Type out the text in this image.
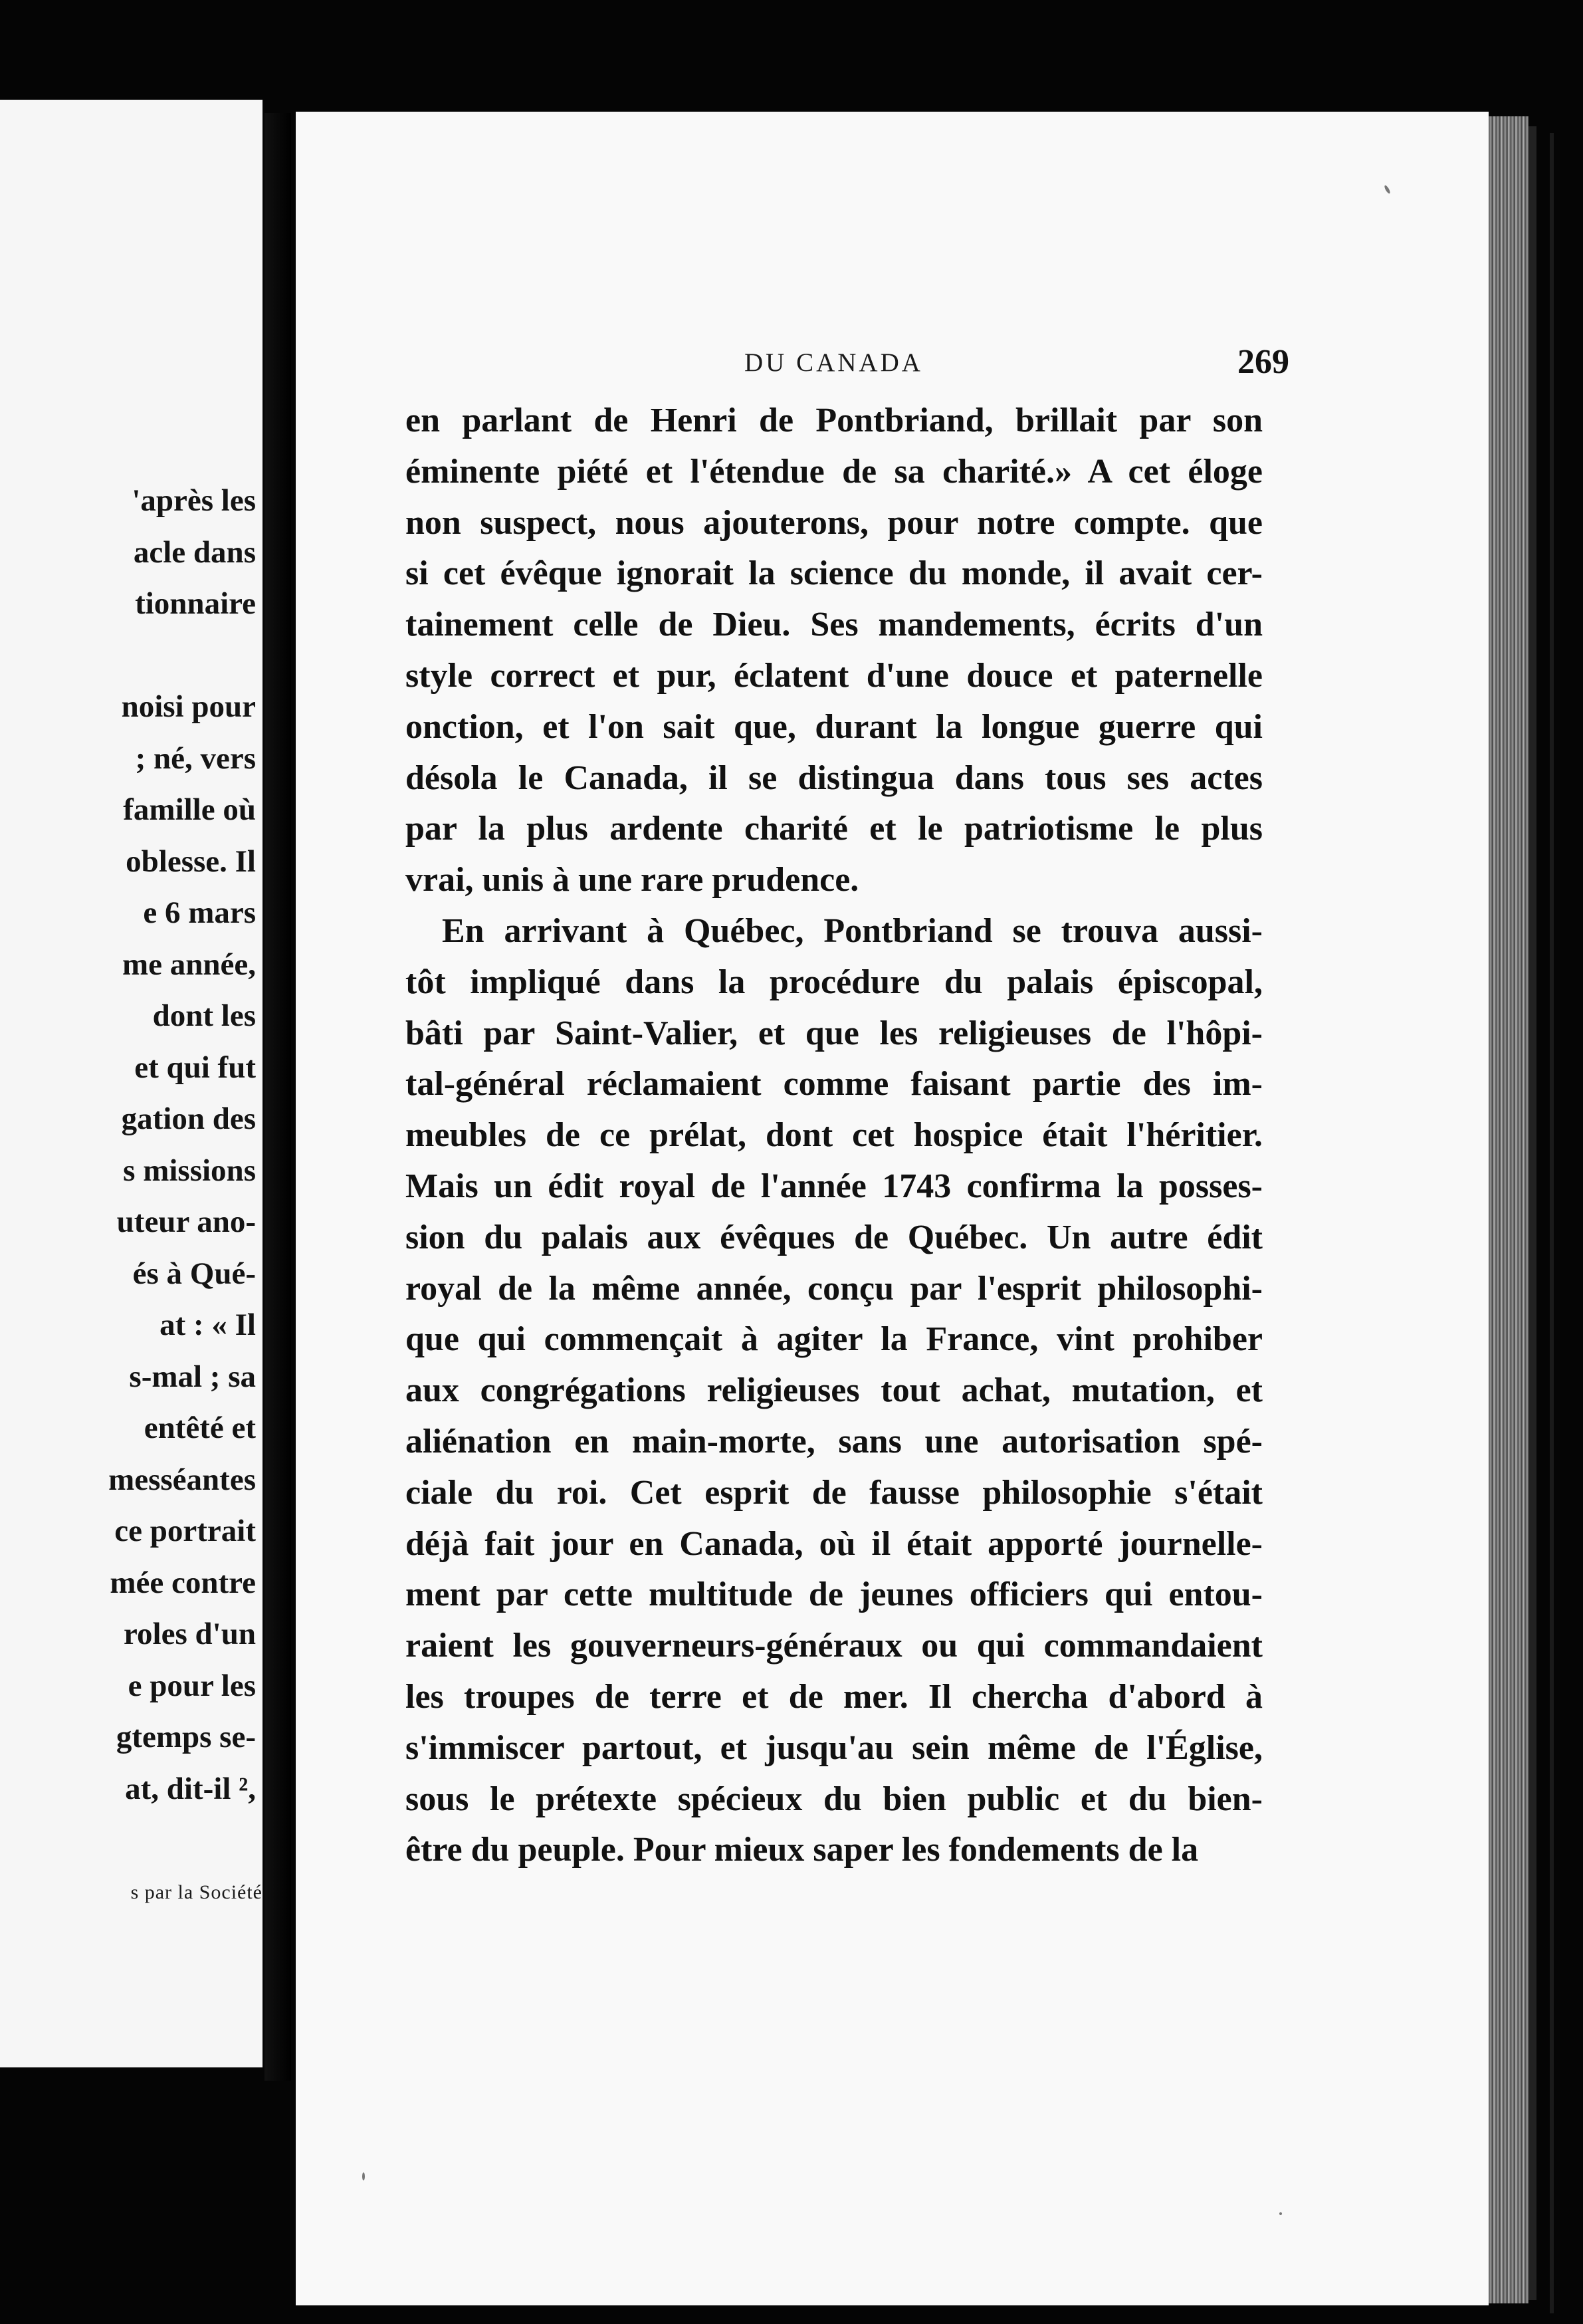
'après les
acle dans
tionnaire
noisi pour
; né, vers
famille où
oblesse. Il
e 6 mars
me année,
dont les
et qui fut
gation des
s missions
uteur ano-
és à Qué-
at : « Il
s-mal ; sa
entêté et
messéantes
ce portrait
mée contre
roles d'un
e pour les
gtemps se-
at, dit-il ²,
s par la Société
DU CANADA	269
en parlant de Henri de Pontbriand, brillait par son
éminente piété et l'étendue de sa charité.» A cet éloge
non suspect, nous ajouterons, pour notre compte. que
si cet évêque ignorait la science du monde, il avait cer-
tainement celle de Dieu. Ses mandements, écrits d'un
style correct et pur, éclatent d'une douce et paternelle
onction, et l'on sait que, durant la longue guerre qui
désola le Canada, il se distingua dans tous ses actes
par la plus ardente charité et le patriotisme le plus
vrai, unis à une rare prudence.
En arrivant à Québec, Pontbriand se trouva aussi-
tôt impliqué dans la procédure du palais épiscopal,
bâti par Saint-Valier, et que les religieuses de l'hôpi-
tal-général réclamaient comme faisant partie des im-
meubles de ce prélat, dont cet hospice était l'héritier.
Mais un édit royal de l'année 1743 confirma la posses-
sion du palais aux évêques de Québec. Un autre édit
royal de la même année, conçu par l'esprit philosophi-
que qui commençait à agiter la France, vint prohiber
aux congrégations religieuses tout achat, mutation, et
aliénation en main-morte, sans une autorisation spé-
ciale du roi. Cet esprit de fausse philosophie s'était
déjà fait jour en Canada, où il était apporté journelle-
ment par cette multitude de jeunes officiers qui entou-
raient les gouverneurs-généraux ou qui commandaient
les troupes de terre et de mer. Il chercha d'abord à
s'immiscer partout, et jusqu'au sein même de l'Église,
sous le prétexte spécieux du bien public et du bien-
être du peuple. Pour mieux saper les fondements de la
